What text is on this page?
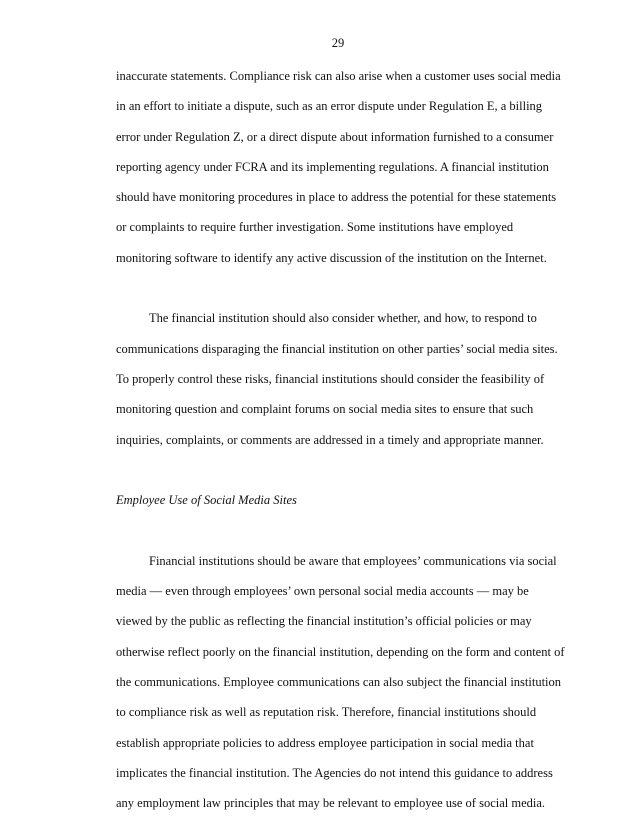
29
inaccurate statements. Compliance risk can also arise when a customer uses social media
in an effort to initiate a dispute, such as an error dispute under Regulation E, a billing
error under Regulation Z, or a direct dispute about information furnished to a consumer
reporting agency under FCRA and its implementing regulations. A financial institution
should have monitoring procedures in place to address the potential for these statements
or complaints to require further investigation. Some institutions have employed
monitoring software to identify any active discussion of the institution on the Internet.
The financial institution should also consider whether, and how, to respond to
communications disparaging the financial institution on other parties’ social media sites.
To properly control these risks, financial institutions should consider the feasibility of
monitoring question and complaint forums on social media sites to ensure that such
inquiries, complaints, or comments are addressed in a timely and appropriate manner.
Employee Use of Social Media Sites
Financial institutions should be aware that employees’ communications via social
media — even through employees’ own personal social media accounts — may be
viewed by the public as reflecting the financial institution’s official policies or may
otherwise reflect poorly on the financial institution, depending on the form and content of
the communications. Employee communications can also subject the financial institution
to compliance risk as well as reputation risk. Therefore, financial institutions should
establish appropriate policies to address employee participation in social media that
implicates the financial institution. The Agencies do not intend this guidance to address
any employment law principles that may be relevant to employee use of social media.
